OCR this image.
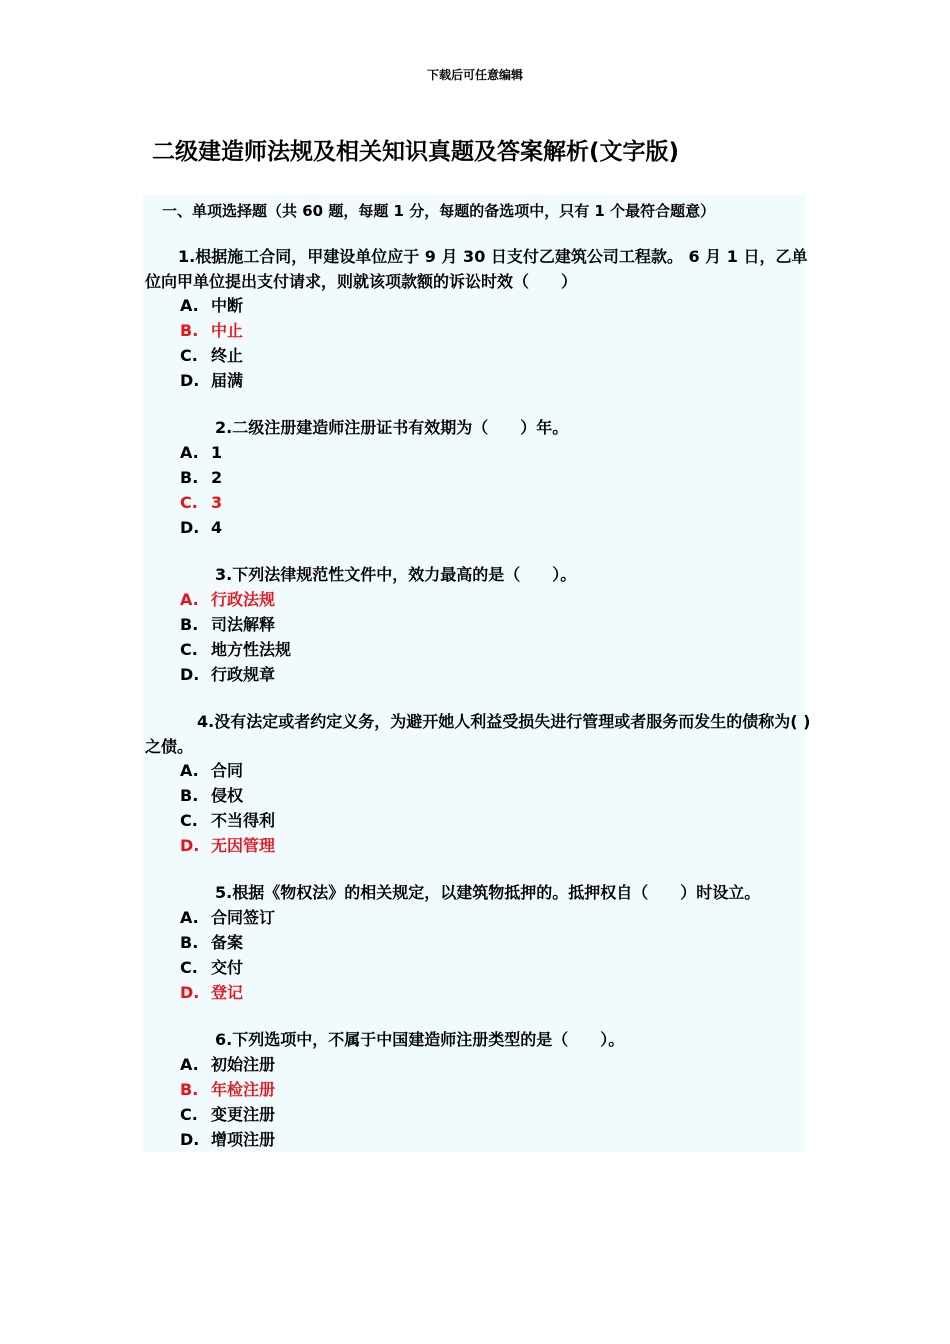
下载后可任意编辑
二级建造师法规及相关知识真题及答案解析(文字版)
一、单项选择题（共 60 题，每题 1 分，每题的备选项中，只有 1 个最符合题意）
1.根据施工合同，甲建设单位应于 9 月 30 日支付乙建筑公司工程款。 6 月 1 日，乙单位向甲单位提出支付请求，则就该项款额的诉讼时效（　　）
A. 中断
B. 中止
C. 终止
D. 届满
2.二级注册建造师注册证书有效期为（　　）年。
A. 1
B. 2
C. 3
D. 4
3.下列法律规范性文件中，效力最高的是（　　）。
A. 行政法规
B. 司法解释
C. 地方性法规
D. 行政规章
4.没有法定或者约定义务，为避开她人利益受损失进行管理或者服务而发生的债称为( )之债。
A. 合同
B. 侵权
C. 不当得利
D. 无因管理
5.根据《物权法》的相关规定，以建筑物抵押的。抵押权自（　　）时设立。
A. 合同签订
B. 备案
C. 交付
D. 登记
6.下列选项中，不属于中国建造师注册类型的是（　　）。
A. 初始注册
B. 年检注册
C. 变更注册
D. 增项注册
